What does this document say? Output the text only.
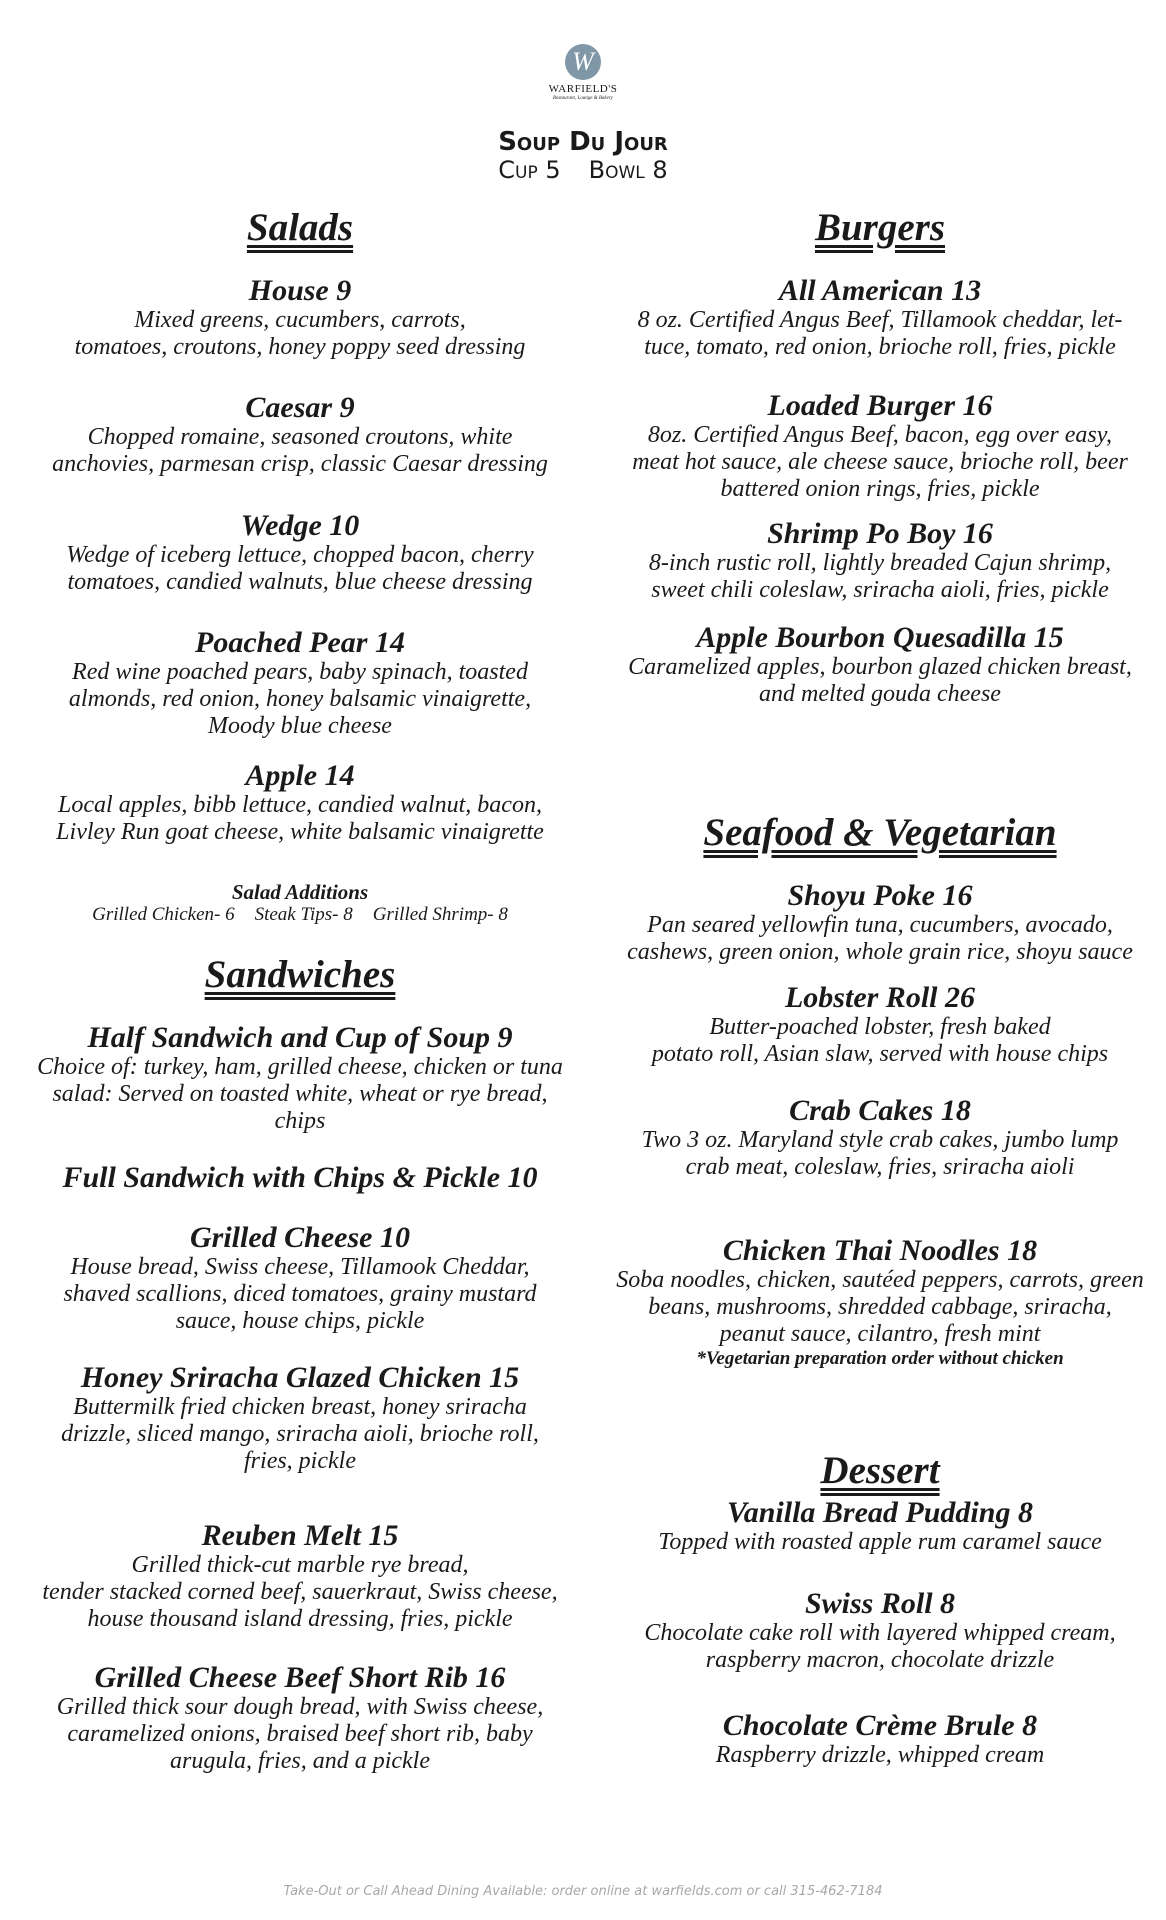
W
WARFIELD'S
Restaurant, Lounge & Bakery
Soup Du Jour
Cup 5 Bowl 8
Salads
House 9
Mixed greens, cucumbers, carrots,
tomatoes, croutons, honey poppy seed dressing
Caesar 9
Chopped romaine, seasoned croutons, white
anchovies, parmesan crisp, classic Caesar dressing
Wedge 10
Wedge of iceberg lettuce, chopped bacon, cherry
tomatoes, candied walnuts, blue cheese dressing
Poached Pear 14
Red wine poached pears, baby spinach, toasted
almonds, red onion, honey balsamic vinaigrette,
Moody blue cheese
Apple 14
Local apples, bibb lettuce, candied walnut, bacon,
Livley Run goat cheese, white balsamic vinaigrette
Salad Additions
Grilled Chicken- 6 Steak Tips- 8 Grilled Shrimp- 8
Sandwiches
Half Sandwich and Cup of Soup 9
Choice of: turkey, ham, grilled cheese, chicken or tuna
salad: Served on toasted white, wheat or rye bread,
chips
Full Sandwich with Chips & Pickle 10
Grilled Cheese 10
House bread, Swiss cheese, Tillamook Cheddar,
shaved scallions, diced tomatoes, grainy mustard
sauce, house chips, pickle
Honey Sriracha Glazed Chicken 15
Buttermilk fried chicken breast, honey sriracha
drizzle, sliced mango, sriracha aioli, brioche roll,
fries, pickle
Reuben Melt 15
Grilled thick-cut marble rye bread,
tender stacked corned beef, sauerkraut, Swiss cheese,
house thousand island dressing, fries, pickle
Grilled Cheese Beef Short Rib 16
Grilled thick sour dough bread, with Swiss cheese,
caramelized onions, braised beef short rib, baby
arugula, fries, and a pickle
Burgers
All American 13
8 oz. Certified Angus Beef, Tillamook cheddar, let-
tuce, tomato, red onion, brioche roll, fries, pickle
Loaded Burger 16
8oz. Certified Angus Beef, bacon, egg over easy,
meat hot sauce, ale cheese sauce, brioche roll, beer
battered onion rings, fries, pickle
Shrimp Po Boy 16
8-inch rustic roll, lightly breaded Cajun shrimp,
sweet chili coleslaw, sriracha aioli, fries, pickle
Apple Bourbon Quesadilla 15
Caramelized apples, bourbon glazed chicken breast,
and melted gouda cheese
Seafood & Vegetarian
Shoyu Poke 16
Pan seared yellowfin tuna, cucumbers, avocado,
cashews, green onion, whole grain rice, shoyu sauce
Lobster Roll 26
Butter-poached lobster, fresh baked
potato roll, Asian slaw, served with house chips
Crab Cakes 18
Two 3 oz. Maryland style crab cakes, jumbo lump
crab meat, coleslaw, fries, sriracha aioli
Chicken Thai Noodles 18
Soba noodles, chicken, sautéed peppers, carrots, green
beans, mushrooms, shredded cabbage, sriracha,
peanut sauce, cilantro, fresh mint
*Vegetarian preparation order without chicken
Dessert
Vanilla Bread Pudding 8
Topped with roasted apple rum caramel sauce
Swiss Roll 8
Chocolate cake roll with layered whipped cream,
raspberry macron, chocolate drizzle
Chocolate Crème Brule 8
Raspberry drizzle, whipped cream
Take-Out or Call Ahead Dining Available: order online at warfields.com or call 315-462-7184
